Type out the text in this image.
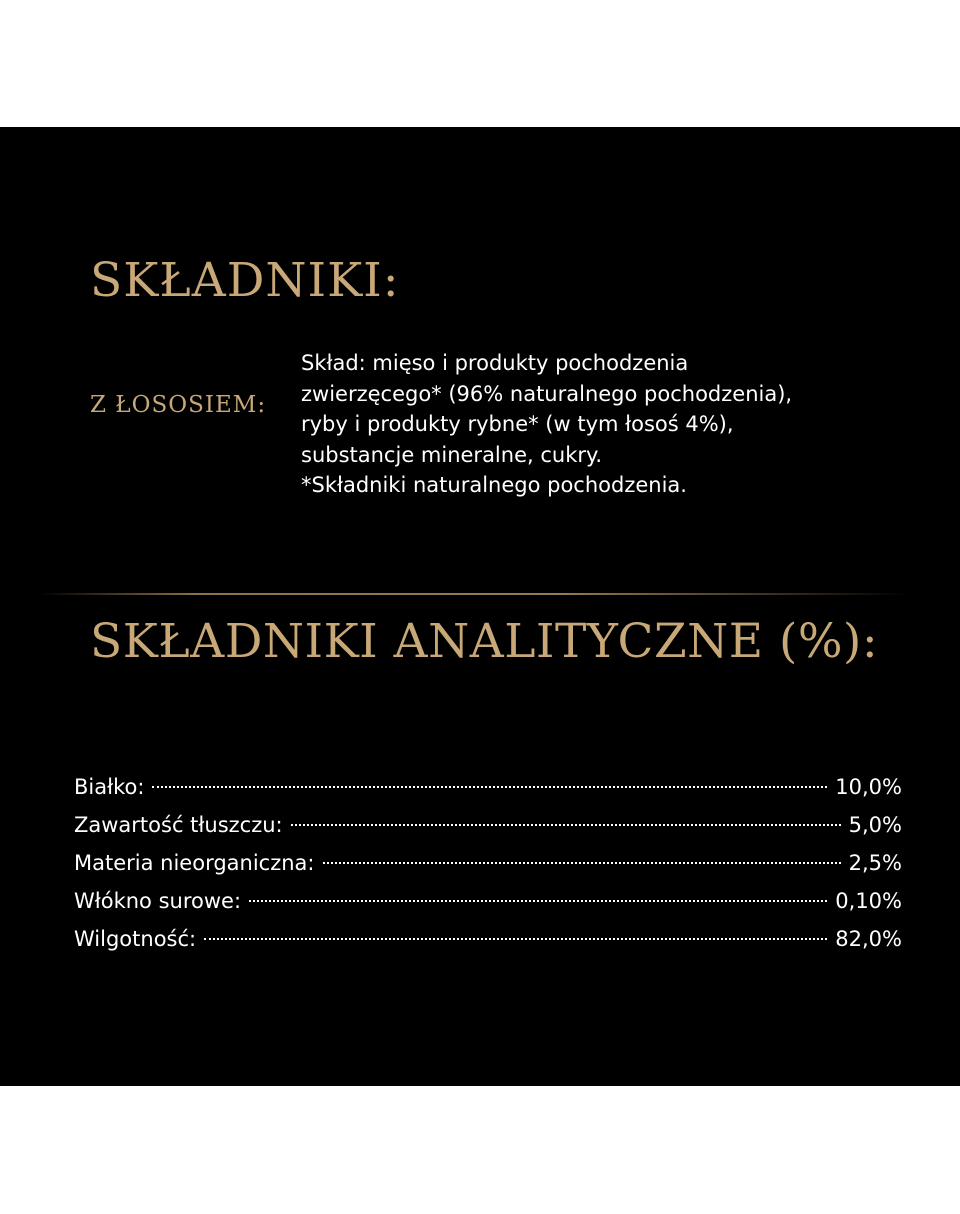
SKŁADNIKI:
Z ŁOSOSIEM:
Skład: mięso i produkty pochodzenia
zwierzęcego* (96% naturalnego pochodzenia),
ryby i produkty rybne* (w tym łosoś 4%),
substancje mineralne, cukry.
*Składniki naturalnego pochodzenia.
SKŁADNIKI ANALITYCZNE (%):
Białko:	10,0%
Zawartość tłuszczu:	5,0%
Materia nieorganiczna:	2,5%
Włókno surowe:	0,10%
Wilgotność:	82,0%
